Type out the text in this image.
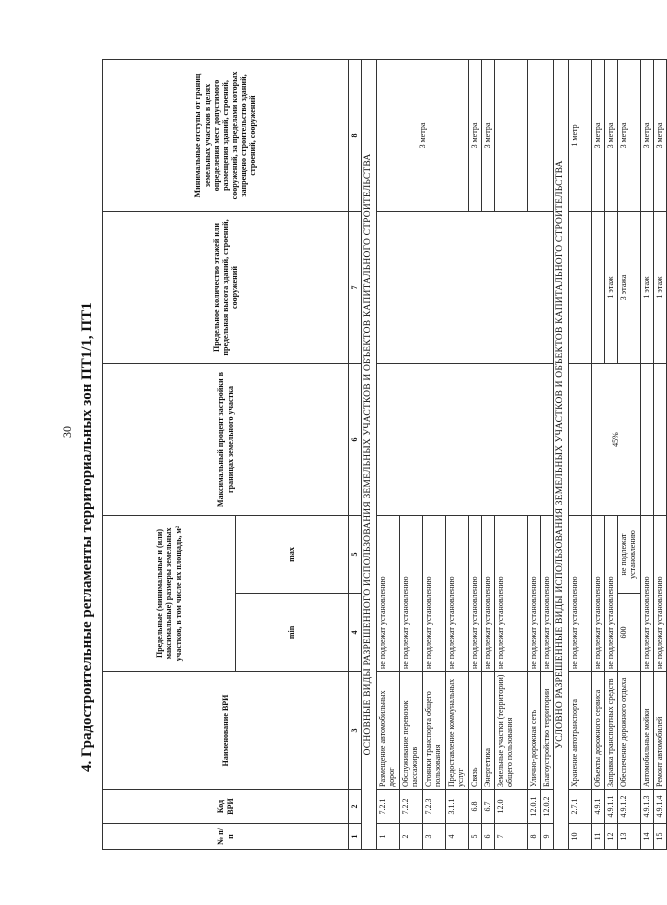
30 4. Градостроительные регламенты территориальных зон ПТ1/1, ПТ1
№ п/п	Код ВРИ	Наименование ВРИ	Предельные (минимальные и (или) максимальные) размеры земельных участков, в том числе их площадь, м²		Максимальный процент застройки в границах земельного участка	Предельное количество этажей или предельная высота зданий, строений, сооружений	Минимальные отступы от границ земельных участков в целях определения мест допустимого размещения зданий, строений, сооружений, за пределами которых запрещено строительство зданий, строений, сооружений
			min	max			
1	2	3	4	5	6	7	8
ОСНОВНЫЕ ВИДЫ РАЗРЕШЕННОГО ИСПОЛЬЗОВАНИЯ ЗЕМЕЛЬНЫХ УЧАСТКОВ И ОБЪЕКТОВ КАПИТАЛЬНОГО СТРОИТЕЛЬСТВА							
1	7.2.1	Размещение автомобильных дорог	не подлежат установлению				3 метра
2	7.2.2	Обслуживание перевозок пассажиров	не подлежат установлению				
3	7.2.3	Стоянки транспорта общего пользования	не подлежат установлению				
4	3.1.1	Предоставление коммунальных услуг	не подлежат установлению				
5	6.8	Связь	не подлежат установлению				3 метра
6	6.7	Энергетика	не подлежат установлению				3 метра
7	12.0	Земельные участки (территории) общего пользования	не подлежат установлению				
8	12.0.1	Улично-дорожная сеть	не подлежат установлению				
9	12.0.2	Благоустройство территории	не подлежат установлению				
УСЛОВНО РАЗРЕШЕННЫЕ ВИДЫ ИСПОЛЬЗОВАНИЯ ЗЕМЕЛЬНЫХ УЧАСТКОВ И ОБЪЕКТОВ КАПИТАЛЬНОГО СТРОИТЕЛЬСТВА							
10	2.7.1	Хранение автотранспорта	не подлежат установлению				1 метр
11	4.9.1	Объекты дорожного сервиса	не подлежат установлению		45%		3 метра
12	4.9.1.1	Заправка транспортных средств	не подлежат установлению			1 этаж	3 метра
13	4.9.1.2	Обеспечение дорожного отдыха	600	не подлежат установлению		3 этажа	3 метра
14	4.9.1.3	Автомобильные мойки	не подлежат установлению			1 этаж	3 метра
15	4.9.1.4	Ремонт автомобилей	не подлежат установлению			1 этаж	3 метра
